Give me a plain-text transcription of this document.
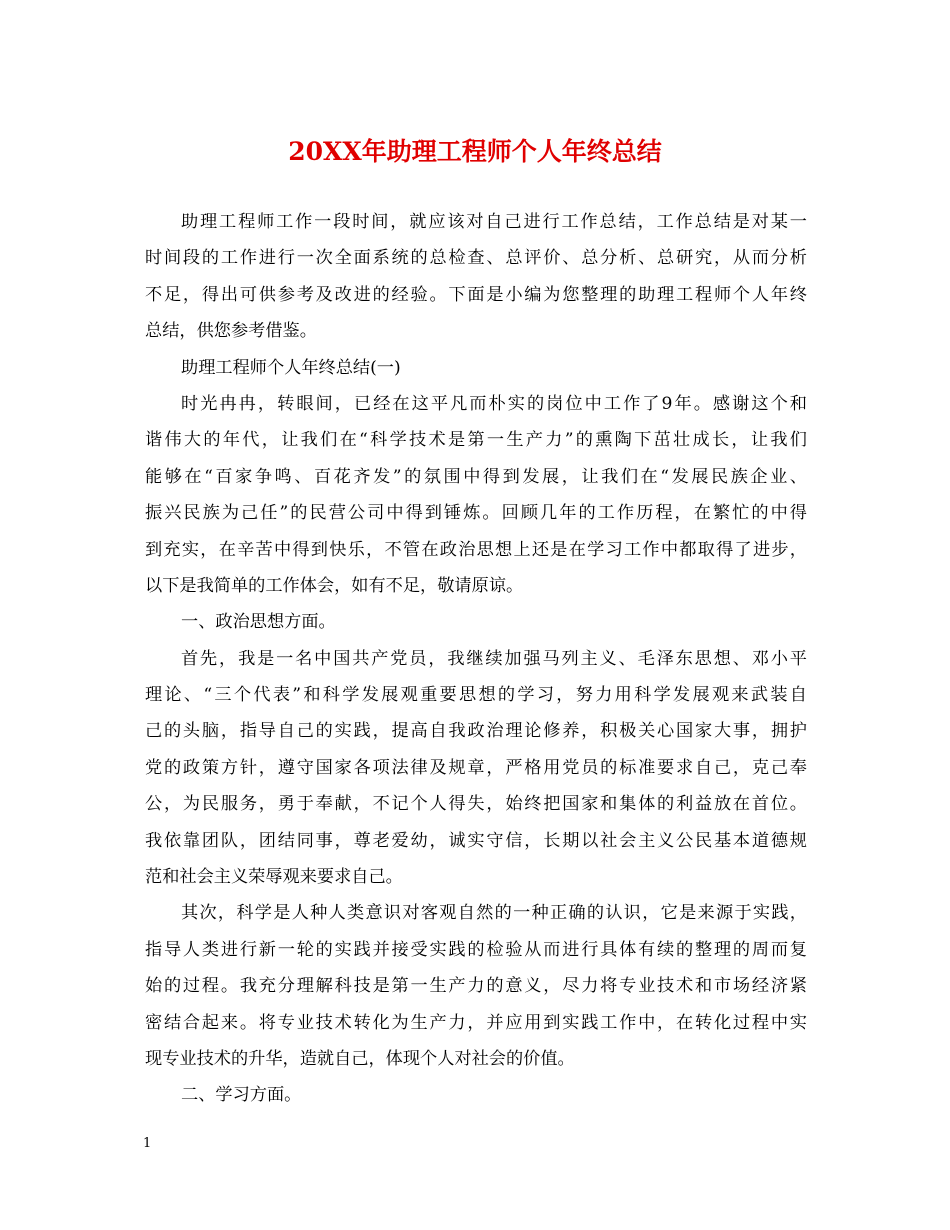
20XX年助理工程师个人年终总结
助理工程师工作一段时间，就应该对自己进行工作总结，工作总结是对某一
时间段的工作进行一次全面系统的总检查、总评价、总分析、总研究，从而分析
不足，得出可供参考及改进的经验。下面是小编为您整理的助理工程师个人年终
总结，供您参考借鉴。
助理工程师个人年终总结(一)
时光冉冉，转眼间，已经在这平凡而朴实的岗位中工作了9年。感谢这个和
谐伟大的年代，让我们在“科学技术是第一生产力”的熏陶下茁壮成长，让我们
能够在“百家争鸣、百花齐发”的氛围中得到发展，让我们在“发展民族企业、
振兴民族为己任”的民营公司中得到锤炼。回顾几年的工作历程，在繁忙的中得
到充实，在辛苦中得到快乐，不管在政治思想上还是在学习工作中都取得了进步，
以下是我简单的工作体会，如有不足，敬请原谅。
一、政治思想方面。
首先，我是一名中国共产党员，我继续加强马列主义、毛泽东思想、邓小平
理论、“三个代表”和科学发展观重要思想的学习，努力用科学发展观来武装自
己的头脑，指导自己的实践，提高自我政治理论修养，积极关心国家大事，拥护
党的政策方针，遵守国家各项法律及规章，严格用党员的标准要求自己，克己奉
公，为民服务，勇于奉献，不记个人得失，始终把国家和集体的利益放在首位。
我依靠团队，团结同事，尊老爱幼，诚实守信，长期以社会主义公民基本道德规
范和社会主义荣辱观来要求自己。
其次，科学是人种人类意识对客观自然的一种正确的认识，它是来源于实践，
指导人类进行新一轮的实践并接受实践的检验从而进行具体有续的整理的周而复
始的过程。我充分理解科技是第一生产力的意义，尽力将专业技术和市场经济紧
密结合起来。将专业技术转化为生产力，并应用到实践工作中，在转化过程中实
现专业技术的升华，造就自己，体现个人对社会的价值。
二、学习方面。
1
